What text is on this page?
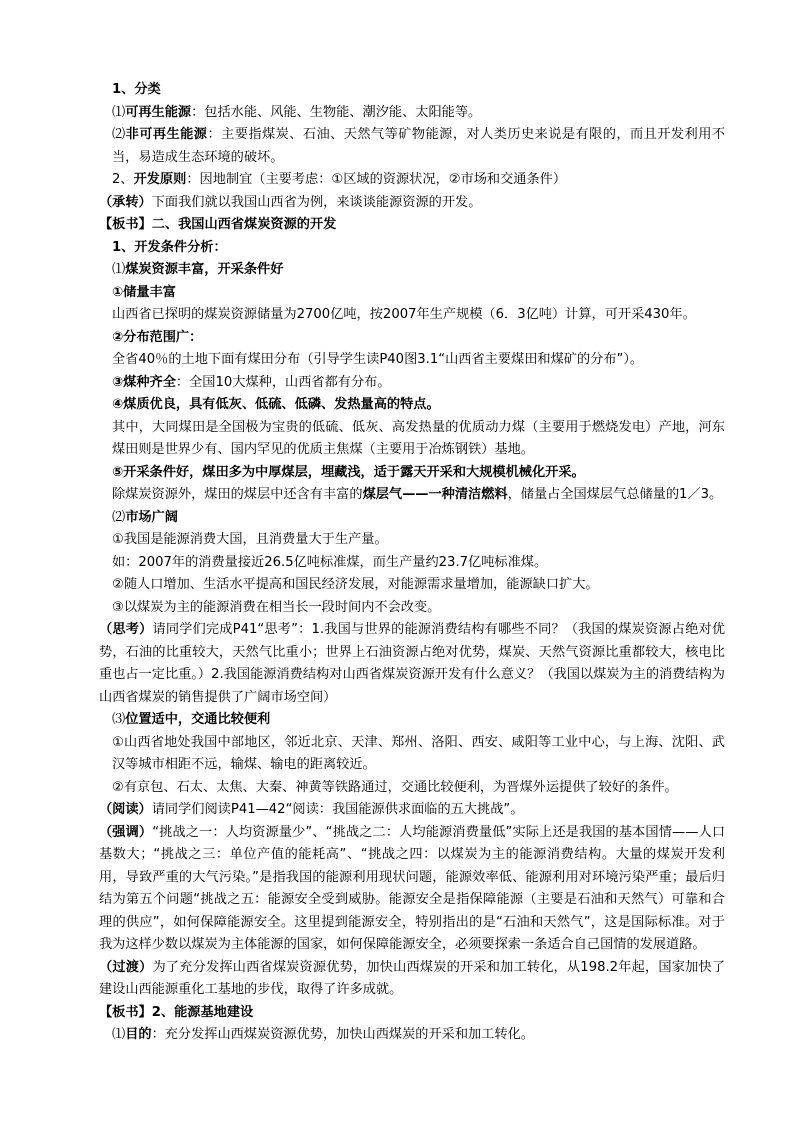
1、分类

⑴可再生能源：包括水能、风能、生物能、潮汐能、太阳能等。

⑵非可再生能源：主要指煤炭、石油、天然气等矿物能源，对人类历史来说是有限的，而且开发利用不当，易造成生态环境的破坏。

2、开发原则：因地制宜（主要考虑：①区域的资源状况，②市场和交通条件）

（承转）下面我们就以我国山西省为例，来谈谈能源资源的开发。

【板书】二、我国山西省煤炭资源的开发

1、开发条件分析：

⑴煤炭资源丰富，开采条件好

①储量丰富

山西省已探明的煤炭资源储量为2700亿吨，按2007年生产规模（6．3亿吨）计算，可开采430年。

②分布范围广：

全省40％的土地下面有煤田分布（引导学生读P40图3.1“山西省主要煤田和煤矿的分布”）。

③煤种齐全：全国10大煤种，山西省都有分布。

④煤质优良，具有低灰、低硫、低磷、发热量高的特点。

其中，大同煤田是全国极为宝贵的低硫、低灰、高发热量的优质动力煤（主要用于燃烧发电）产地，河东煤田则是世界少有、国内罕见的优质主焦煤（主要用于冶炼钢铁）基地。

⑤开采条件好，煤田多为中厚煤层，埋藏浅，适于露天开采和大规模机械化开采。

除煤炭资源外，煤田的煤层中还含有丰富的煤层气——一种清洁燃料，储量占全国煤层气总储量的1／3。

⑵市场广阔

①我国是能源消费大国，且消费量大于生产量。

如：2007年的消费量接近26.5亿吨标准煤，而生产量约23.7亿吨标准煤。

②随人口增加、生活水平提高和国民经济发展，对能源需求量增加，能源缺口扩大。

③以煤炭为主的能源消费在相当长一段时间内不会改变。

（思考）请同学们完成P41“思考”：1.我国与世界的能源消费结构有哪些不同？（我国的煤炭资源占绝对优势，石油的比重较大，天然气比重小；世界上石油资源占绝对优势，煤炭、天然气资源比重都较大，核电比重也占一定比重。）2.我国能源消费结构对山西省煤炭资源开发有什么意义？（我国以煤炭为主的消费结构为山西省煤炭的销售提供了广阔市场空间）

⑶位置适中，交通比较便利

①山西省地处我国中部地区，邻近北京、天津、郑州、洛阳、西安、咸阳等工业中心，与上海、沈阳、武汉等城市相距不远，输煤、输电的距离较近。

②有京包、石太、太焦、大秦、神黄等铁路通过，交通比较便利，为晋煤外运提供了较好的条件。

（阅读）请同学们阅读P41—42“阅读：我国能源供求面临的五大挑战”。

（强调）“挑战之一：人均资源量少”、“挑战之二：人均能源消费量低”实际上还是我国的基本国情——人口基数大；“挑战之三：单位产值的能耗高”、“挑战之四：以煤炭为主的能源消费结构。大量的煤炭开发利用，导致严重的大气污染。”是指我国的能源利用现状问题，能源效率低、能源利用对环境污染严重；最后归结为第五个问题“挑战之五：能源安全受到威胁。能源安全是指保障能源（主要是石油和天然气）可靠和合理的供应”，如何保障能源安全。这里提到能源安全，特别指出的是“石油和天然气”，这是国际标准。对于我为这样少数以煤炭为主体能源的国家，如何保障能源安全，必须要探索一条适合自己国情的发展道路。

（过渡）为了充分发挥山西省煤炭资源优势，加快山西煤炭的开采和加工转化，从198.2年起，国家加快了建设山西能源重化工基地的步伐，取得了许多成就。

【板书】2、能源基地建设

⑴目的：充分发挥山西煤炭资源优势，加快山西煤炭的开采和加工转化。
